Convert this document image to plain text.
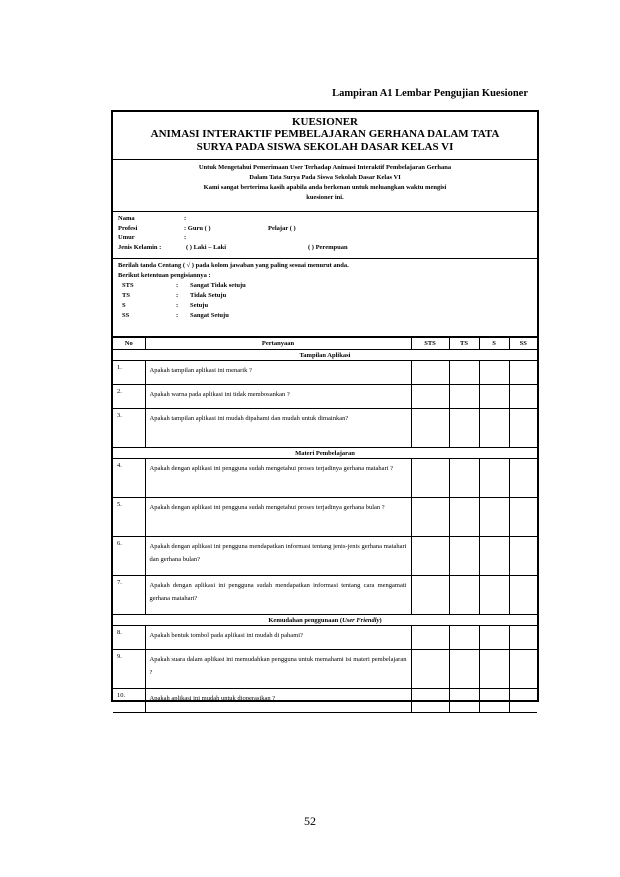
Lampiran A1 Lembar Pengujian Kuesioner
KUESIONER
ANIMASI INTERAKTIF PEMBELAJARAN GERHANA DALAM TATA
SURYA PADA SISWA SEKOLAH DASAR KELAS VI
Untuk Mengetahui Pemerimaan User Terhadap Animasi Interaktif Pembelajaran Gerhana
Dalam Tata Surya Pada Siswa Sekolah Dasar Kelas VI
Kami sangat berterima kasih apabila anda berkenan untuk meluangkan waktu mengisi
kuesioner ini.
Nama	:
Profesi	: Guru ( )	Pelajar ( )
Umur	:
Jenis Kelamin :	( ) Laki – Laki	( ) Perempuan
Berilah tanda Centang ( √ ) pada kolom jawaban yang paling sesuai menurut anda.
Berikut ketentuan pengisiannya :
STS	: Sangat Tidak setuju
TS	: Tidak Setuju
S	: Setuju
SS	: Sangat Setuju
No	Pertanyaan	STS	TS	S	SS
Tampilan Aplikasi					
1.	Apakah tampilan aplikasi ini menarik ?				
2.	Apakah warna pada aplikasi ini tidak membosankan ?				
3.	Apakah tampilan aplikasi ini mudah dipahami dan mudah untuk dimainkan?				
Materi Pembelajaran					
4.	Apakah dengan aplikasi ini pengguna sudah mengetahui proses terjadinya gerhana matahari ?				
5.	Apakah dengan aplikasi ini pengguna sudah mengetahui proses terjadinya gerhana bulan ?				
6.	Apakah dengan aplikasi ini pengguna mendapatkan informasi tentang jenis-jenis gerhana matahari dan gerhana bulan?				
7.	Apakah dengan aplikasi ini pengguna sudah mendapatkan informasi tentang cara mengamati gerhana matahari?				
Kemudahan penggunaan (User Friendly)					
8.	Apakah bentuk tombol pada aplikasi ini mudah di pahami?				
9.	Apakah suara dalam aplikasi ini memudahkan pengguna untuk memahami isi materi pembelajaran ?				
10.	Apakah aplikasi ini mudah untuk dioperasikan ?				
52
